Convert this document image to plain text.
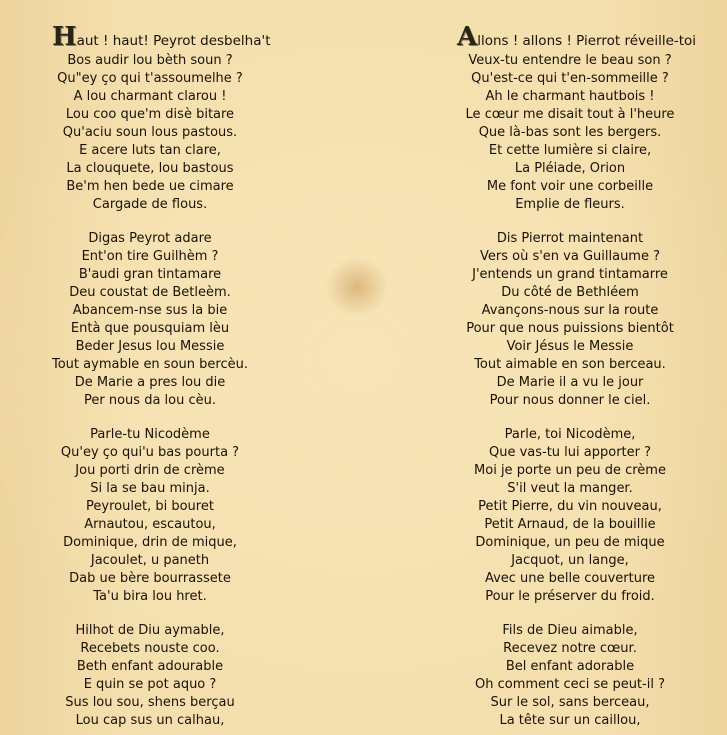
Haut ! haut! Peyrot desbelha't
Bos audir lou bèth soun ?
Qu"ey ço qui t'assoumelhe ?
A lou charmant clarou !
Lou coo que'm disè bitare
Qu'aciu soun lous pastous.
E acere luts tan clare,
La clouquete, lou bastous
Be'm hen bede ue cimare
Cargade de flous.
Digas Peyrot adare
Ent'on tire Guilhèm ?
B'audi gran tintamare
Deu coustat de Betleèm.
Abancem-nse sus la bie
Entà que pousquiam lèu
Beder Jesus lou Messie
Tout aymable en soun bercèu.
De Marie a pres lou die
Per nous da lou cèu.
Parle-tu Nicodème
Qu'ey ço qui'u bas pourta ?
Jou porti drin de crème
Si la se bau minja.
Peyroulet, bi bouret
Arnautou, escautou,
Dominique, drin de mique,
Jacoulet, u paneth
Dab ue bère bourrassete
Ta'u bira lou hret.
Hilhot de Diu aymable,
Recebets nouste coo.
Beth enfant adourable
E quin se pot aquo ?
Sus lou sou, shens berçau
Lou cap sus un calhau,
Allons ! allons ! Pierrot réveille-toi
Veux-tu entendre le beau son ?
Qu'est-ce qui t'en-sommeille ?
Ah le charmant hautbois !
Le cœur me disait tout à l'heure
Que là-bas sont les bergers.
Et cette lumière si claire,
La Pléiade, Orion
Me font voir une corbeille
Emplie de fleurs.
Dis Pierrot maintenant
Vers où s'en va Guillaume ?
J'entends un grand tintamarre
Du côté de Bethléem
Avançons-nous sur la route
Pour que nous puissions bientôt
Voir Jésus le Messie
Tout aimable en son berceau.
De Marie il a vu le jour
Pour nous donner le ciel.
Parle, toi Nicodème,
Que vas-tu lui apporter ?
Moi je porte un peu de crème
S'il veut la manger.
Petit Pierre, du vin nouveau,
Petit Arnaud, de la bouillie
Dominique, un peu de mique
Jacquot, un lange,
Avec une belle couverture
Pour le préserver du froid.
Fils de Dieu aimable,
Recevez notre cœur.
Bel enfant adorable
Oh comment ceci se peut-il ?
Sur le sol, sans berceau,
La tête sur un caillou,
